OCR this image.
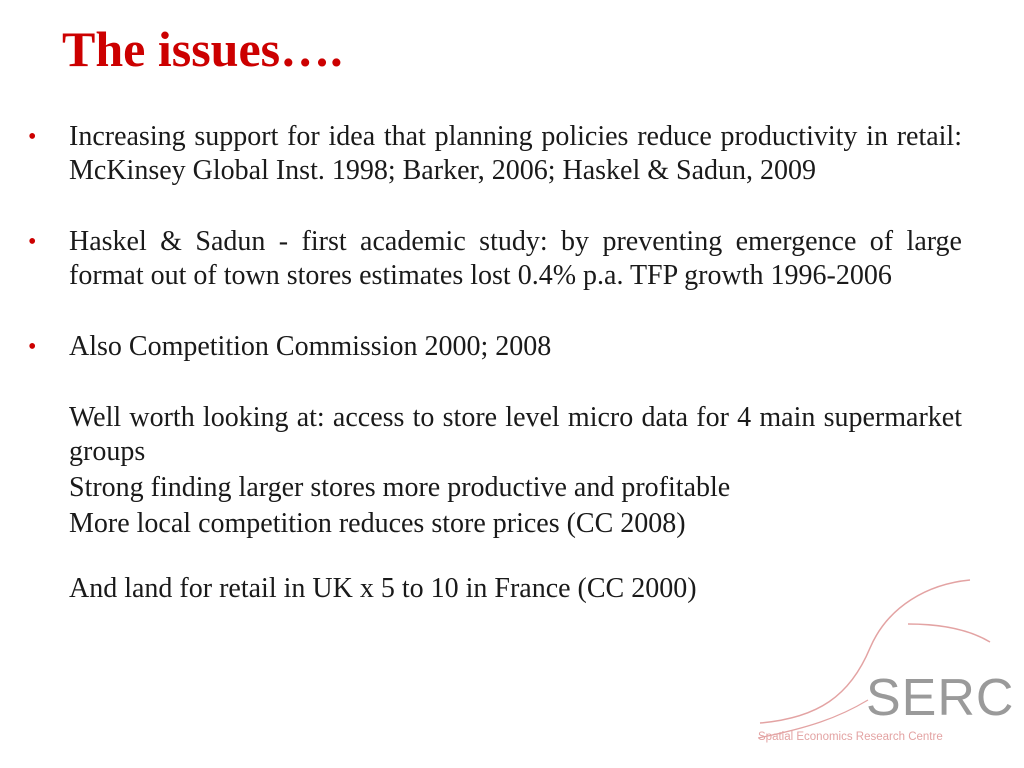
The issues….
•	Increasing support for idea that planning policies reduce productivity in retail: McKinsey Global Inst. 1998; Barker, 2006; Haskel & Sadun, 2009
•	Haskel & Sadun - first academic study: by preventing emergence of large format out of town stores estimates lost 0.4% p.a. TFP growth 1996-2006
•	Also Competition Commission 2000; 2008
Well worth looking at: access to store level micro data for 4 main supermarket groups
Strong finding larger stores more productive and profitable
More local competition reduces store prices (CC 2008)
And land for retail in UK x 5 to 10 in France (CC 2000)
SERC
Spatial Economics Research Centre
